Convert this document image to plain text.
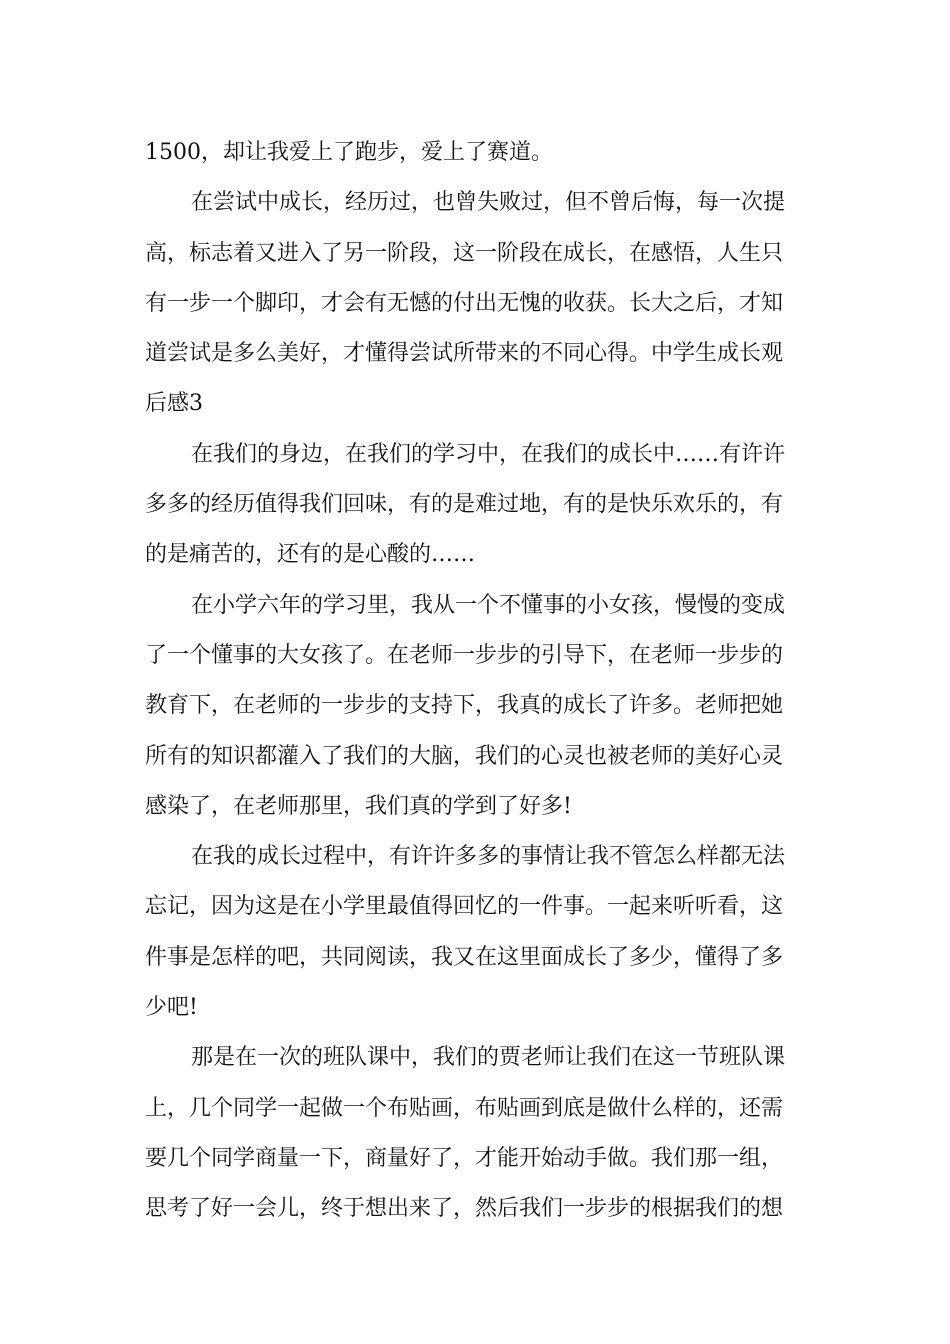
1500，却让我爱上了跑步，爱上了赛道。
在尝试中成长，经历过，也曾失败过，但不曾后悔，每一次提
高，标志着又进入了另一阶段，这一阶段在成长，在感悟，人生只
有一步一个脚印，才会有无憾的付出无愧的收获。长大之后，才知
道尝试是多么美好，才懂得尝试所带来的不同心得。中学生成长观
后感3
在我们的身边，在我们的学习中，在我们的成长中……有许许
多多的经历值得我们回味，有的是难过地，有的是快乐欢乐的，有
的是痛苦的，还有的是心酸的……
在小学六年的学习里，我从一个不懂事的小女孩，慢慢的变成
了一个懂事的大女孩了。在老师一步步的引导下，在老师一步步的
教育下，在老师的一步步的支持下，我真的成长了许多。老师把她
所有的知识都灌入了我们的大脑，我们的心灵也被老师的美好心灵
感染了，在老师那里，我们真的学到了好多!
在我的成长过程中，有许许多多的事情让我不管怎么样都无法
忘记，因为这是在小学里最值得回忆的一件事。一起来听听看，这
件事是怎样的吧，共同阅读，我又在这里面成长了多少，懂得了多
少吧!
那是在一次的班队课中，我们的贾老师让我们在这一节班队课
上，几个同学一起做一个布贴画，布贴画到底是做什么样的，还需
要几个同学商量一下，商量好了，才能开始动手做。我们那一组，
思考了好一会儿，终于想出来了，然后我们一步步的根据我们的想
